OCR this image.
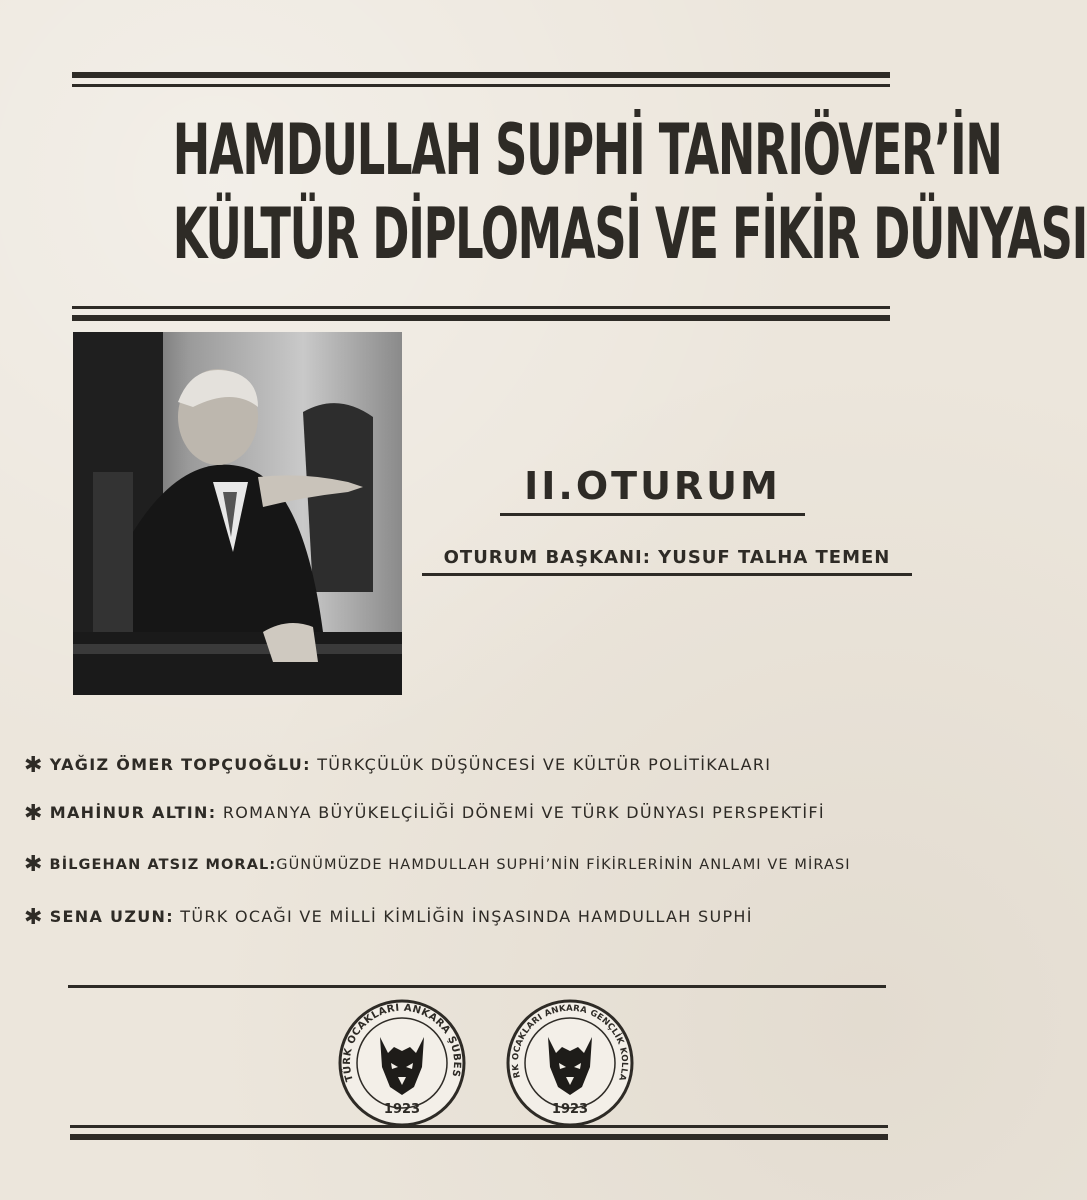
HAMDULLAH SUPHİ TANRIÖVER’İN
KÜLTÜR DİPLOMASİ VE FİKİR DÜNYASI
II.OTURUM
OTURUM BAŞKANI: YUSUF TALHA TEMEN
✱ YAĞIZ ÖMER TOPÇUOĞLU: TÜRKÇÜLÜK DÜŞÜNCESİ VE KÜLTÜR POLİTİKALARI
✱ MAHİNUR ALTIN: ROMANYA BÜYÜKELÇİLİĞİ DÖNEMİ VE TÜRK DÜNYASI PERSPEKTİFİ
✱ BİLGEHAN ATSIZ MORAL:GÜNÜMÜZDE HAMDULLAH SUPHİ’NİN FİKİRLERİNİN ANLAMI VE MİRASI
✱ SENA UZUN: TÜRK OCAĞI VE MİLLİ KİMLİĞİN İNŞASINDA HAMDULLAH SUPHİ
TÜRK OCAKLARI ANKARA ŞUBES
1923
RK OCAKLARI ANKARA GENÇLİK KOLLA
1923
